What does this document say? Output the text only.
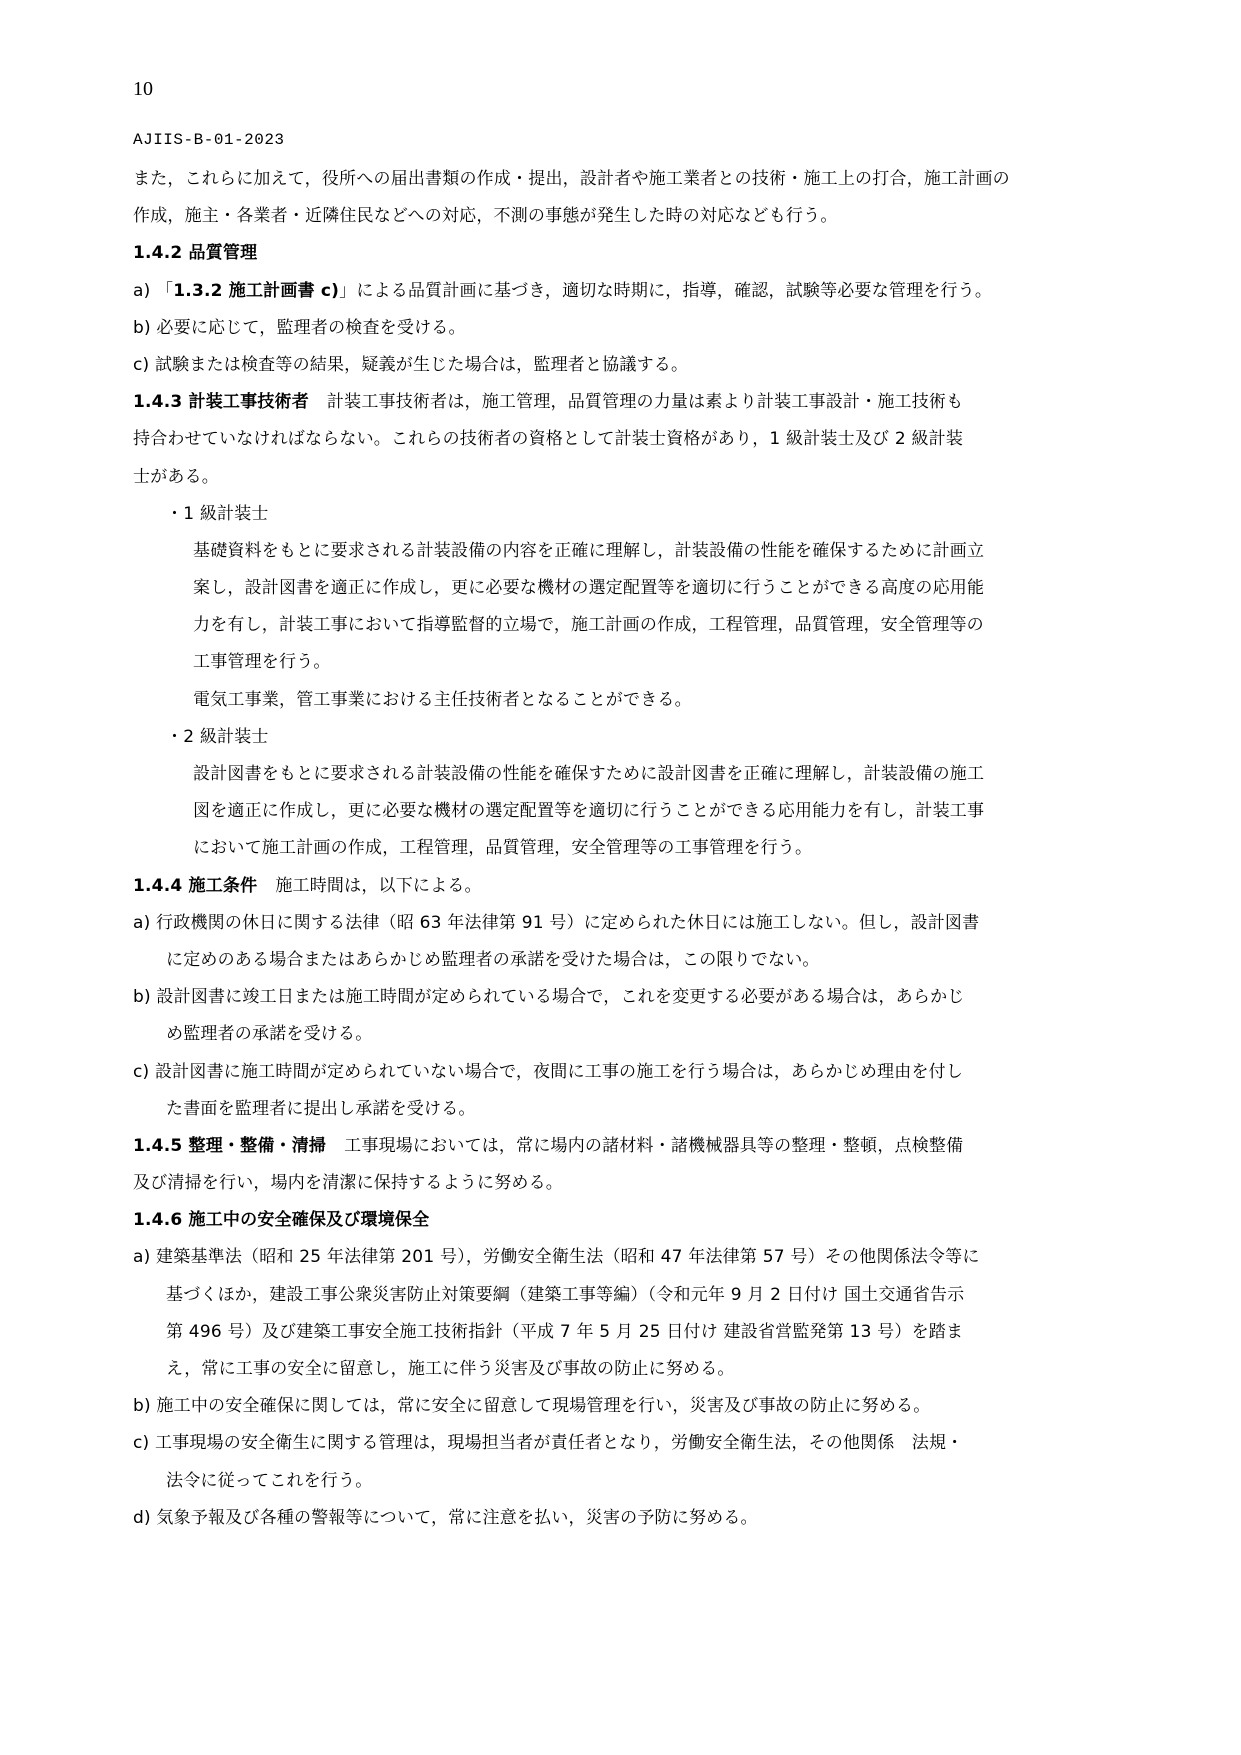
10
AJIIS-B-01-2023
また，これらに加えて，役所への届出書類の作成・提出，設計者や施工業者との技術・施工上の打合，施工計画の
作成，施主・各業者・近隣住民などへの対応，不測の事態が発生した時の対応なども行う。
1.4.2 品質管理
a) 「1.3.2 施工計画書 c)」による品質計画に基づき，適切な時期に，指導，確認，試験等必要な管理を行う。
b) 必要に応じて，監理者の検査を受ける。
c) 試験または検査等の結果，疑義が生じた場合は，監理者と協議する。
1.4.3 計装工事技術者 計装工事技術者は，施工管理，品質管理の力量は素より計装工事設計・施工技術も
持合わせていなければならない。これらの技術者の資格として計装士資格があり，1 級計装士及び 2 級計装
士がある。
・1 級計装士
基礎資料をもとに要求される計装設備の内容を正確に理解し，計装設備の性能を確保するために計画立
案し，設計図書を適正に作成し，更に必要な機材の選定配置等を適切に行うことができる高度の応用能
力を有し，計装工事において指導監督的立場で，施工計画の作成，工程管理，品質管理，安全管理等の
工事管理を行う。
電気工事業，管工事業における主任技術者となることができる。
・2 級計装士
設計図書をもとに要求される計装設備の性能を確保すために設計図書を正確に理解し，計装設備の施工
図を適正に作成し，更に必要な機材の選定配置等を適切に行うことができる応用能力を有し，計装工事
において施工計画の作成，工程管理，品質管理，安全管理等の工事管理を行う。
1.4.4 施工条件 施工時間は，以下による。
a) 行政機関の休日に関する法律（昭 63 年法律第 91 号）に定められた休日には施工しない。但し，設計図書
に定めのある場合またはあらかじめ監理者の承諾を受けた場合は，この限りでない。
b) 設計図書に竣工日または施工時間が定められている場合で，これを変更する必要がある場合は，あらかじ
め監理者の承諾を受ける。
c) 設計図書に施工時間が定められていない場合で，夜間に工事の施工を行う場合は，あらかじめ理由を付し
た書面を監理者に提出し承諾を受ける。
1.4.5 整理・整備・清掃 工事現場においては，常に場内の諸材料・諸機械器具等の整理・整頓，点検整備
及び清掃を行い，場内を清潔に保持するように努める。
1.4.6 施工中の安全確保及び環境保全
a) 建築基準法（昭和 25 年法律第 201 号），労働安全衛生法（昭和 47 年法律第 57 号）その他関係法令等に
基づくほか，建設工事公衆災害防止対策要綱（建築工事等編）（令和元年 9 月 2 日付け 国土交通省告示
第 496 号）及び建築工事安全施工技術指針（平成 7 年 5 月 25 日付け 建設省営監発第 13 号）を踏ま
え，常に工事の安全に留意し，施工に伴う災害及び事故の防止に努める。
b) 施工中の安全確保に関しては，常に安全に留意して現場管理を行い，災害及び事故の防止に努める。
c) 工事現場の安全衛生に関する管理は，現場担当者が責任者となり，労働安全衛生法，その他関係　法規・
法令に従ってこれを行う。
d) 気象予報及び各種の警報等について，常に注意を払い，災害の予防に努める。
